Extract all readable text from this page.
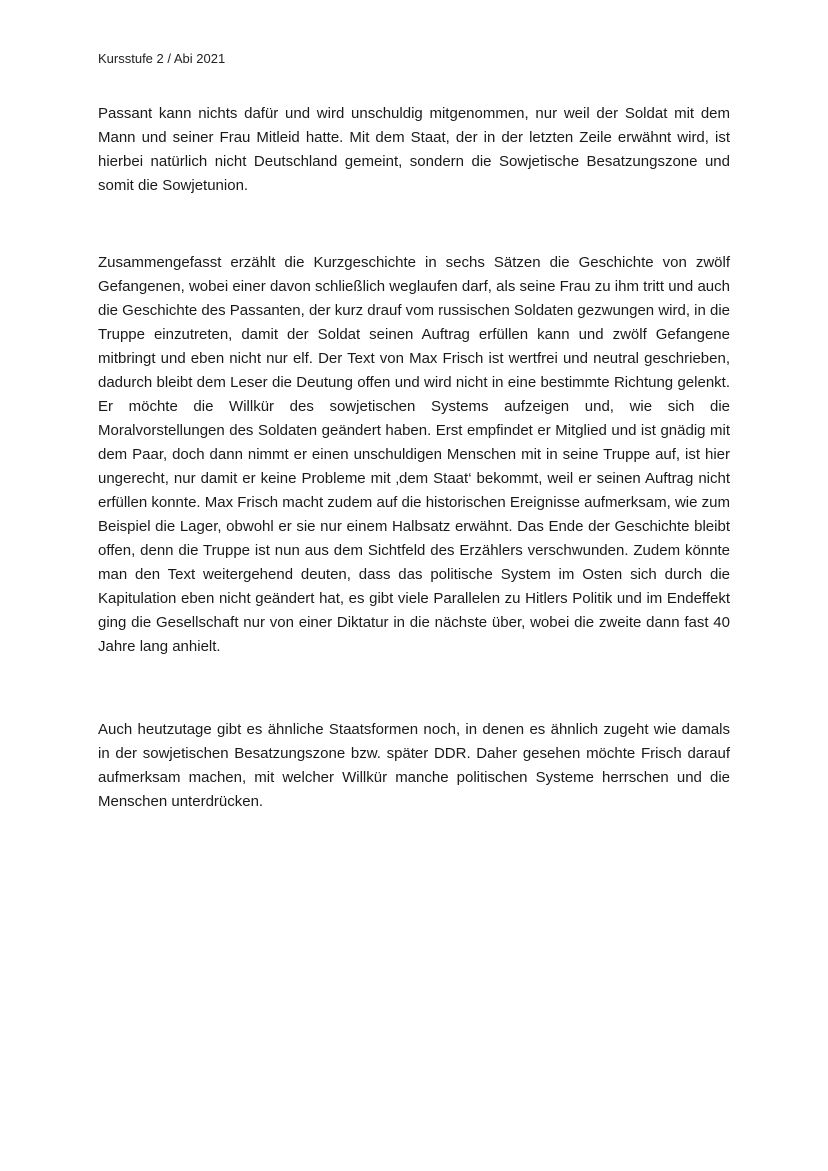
Kursstufe 2 / Abi 2021

Passant kann nichts dafür und wird unschuldig mitgenommen, nur weil der Soldat mit dem Mann und seiner Frau Mitleid hatte. Mit dem Staat, der in der letzten Zeile erwähnt wird, ist hierbei natürlich nicht Deutschland gemeint, sondern die Sowjetische Besatzungszone und somit die Sowjetunion.

Zusammengefasst erzählt die Kurzgeschichte in sechs Sätzen die Geschichte von zwölf Gefangenen, wobei einer davon schließlich weglaufen darf, als seine Frau zu ihm tritt und auch die Geschichte des Passanten, der kurz drauf vom russischen Soldaten gezwungen wird, in die Truppe einzutreten, damit der Soldat seinen Auftrag erfüllen kann und zwölf Gefangene mitbringt und eben nicht nur elf. Der Text von Max Frisch ist wertfrei und neutral geschrieben, dadurch bleibt dem Leser die Deutung offen und wird nicht in eine bestimmte Richtung gelenkt. Er möchte die Willkür des sowjetischen Systems aufzeigen und, wie sich die Moralvorstellungen des Soldaten geändert haben. Erst empfindet er Mitglied und ist gnädig mit dem Paar, doch dann nimmt er einen unschuldigen Menschen mit in seine Truppe auf, ist hier ungerecht, nur damit er keine Probleme mit ‚dem Staat‘ bekommt, weil er seinen Auftrag nicht erfüllen konnte. Max Frisch macht zudem auf die historischen Ereignisse aufmerksam, wie zum Beispiel die Lager, obwohl er sie nur einem Halbsatz erwähnt. Das Ende der Geschichte bleibt offen, denn die Truppe ist nun aus dem Sichtfeld des Erzählers verschwunden. Zudem könnte man den Text weitergehend deuten, dass das politische System im Osten sich durch die Kapitulation eben nicht geändert hat, es gibt viele Parallelen zu Hitlers Politik und im Endeffekt ging die Gesellschaft nur von einer Diktatur in die nächste über, wobei die zweite dann fast 40 Jahre lang anhielt.

Auch heutzutage gibt es ähnliche Staatsformen noch, in denen es ähnlich zugeht wie damals in der sowjetischen Besatzungszone bzw. später DDR. Daher gesehen möchte Frisch darauf aufmerksam machen, mit welcher Willkür manche politischen Systeme herrschen und die Menschen unterdrücken.
